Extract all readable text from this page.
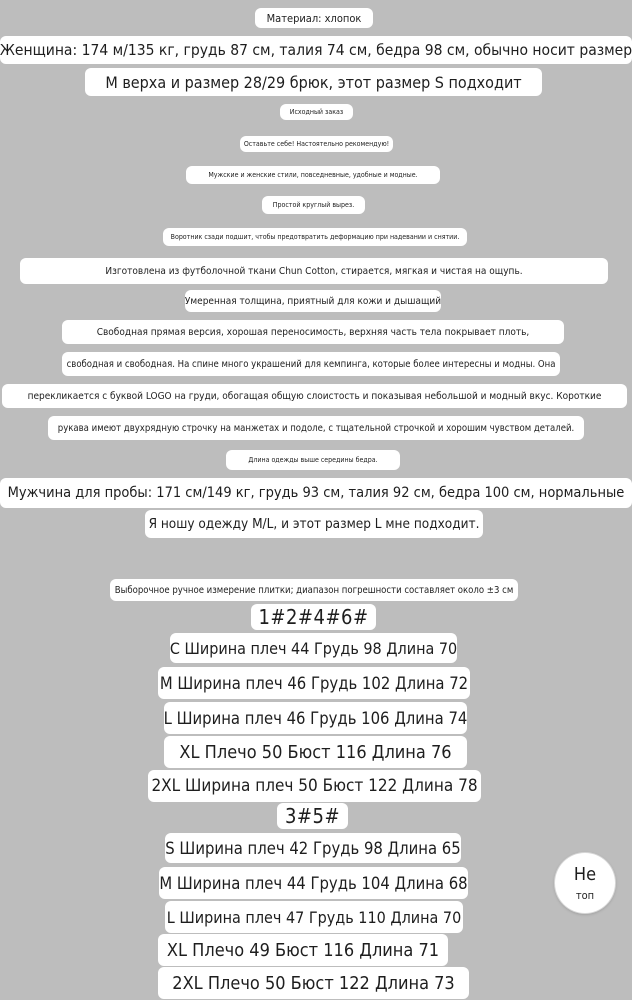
Материал: хлопок
Женщина: 174 м/135 кг, грудь 87 см, талия 74 см, бедра 98 см, обычно носит размер
M верха и размер 28/29 брюк, этот размер S подходит
Исходный заказ
Оставьте себе! Настоятельно рекомендую!
Мужские и женские стили, повседневные, удобные и модные.
Простой круглый вырез.
Воротник сзади подшит, чтобы предотвратить деформацию при надевании и снятии.
Изготовлена из футболочной ткани Chun Cotton, стирается, мягкая и чистая на ощупь.
Умеренная толщина, приятный для кожи и дышащий
Свободная прямая версия, хорошая переносимость, верхняя часть тела покрывает плоть,
свободная и свободная. На спине много украшений для кемпинга, которые более интересны и модны. Она
перекликается с буквой LOGO на груди, обогащая общую слоистость и показывая небольшой и модный вкус. Короткие
рукава имеют двухрядную строчку на манжетах и подоле, с тщательной строчкой и хорошим чувством деталей.
Длина одежды выше середины бедра.
Мужчина для пробы: 171 см/149 кг, грудь 93 см, талия 92 см, бедра 100 см, нормальные
Я ношу одежду M/L, и этот размер L мне подходит.
Выборочное ручное измерение плитки; диапазон погрешности составляет около ±3 см
1#2#4#6#
С Ширина плеч 44 Грудь 98 Длина 70
М Ширина плеч 46 Грудь 102 Длина 72
L Ширина плеч 46 Грудь 106 Длина 74
XL Плечо 50 Бюст 116 Длина 76
2XL Ширина плеч 50 Бюст 122 Длина 78
3#5#
S Ширина плеч 42 Грудь 98 Длина 65
M Ширина плеч 44 Грудь 104 Длина 68
L Ширина плеч 47 Грудь 110 Длина 70
XL Плечо 49 Бюст 116 Длина 71
2XL Плечо 50 Бюст 122 Длина 73
Не
топ
